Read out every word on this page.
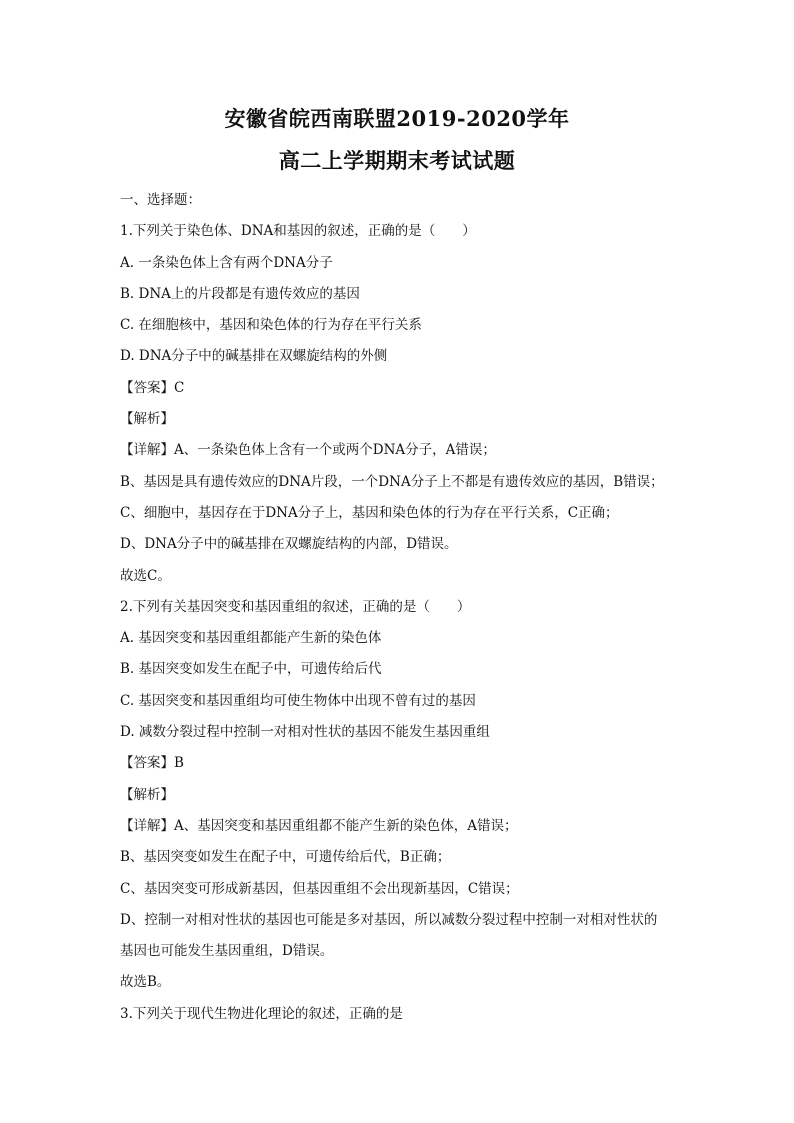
安徽省皖西南联盟2019-2020学年
高二上学期期末考试试题
一、选择题：
1.下列关于染色体、DNA和基因的叙述，正确的是（　　）
A. 一条染色体上含有两个DNA分子
B. DNA上的片段都是有遗传效应的基因
C. 在细胞核中，基因和染色体的行为存在平行关系
D. DNA分子中的碱基排在双螺旋结构的外侧
【答案】C
【解析】
【详解】A、一条染色体上含有一个或两个DNA分子，A错误；
B、基因是具有遗传效应的DNA片段，一个DNA分子上不都是有遗传效应的基因，B错误；
C、细胞中，基因存在于DNA分子上，基因和染色体的行为存在平行关系，C正确；
D、DNA分子中的碱基排在双螺旋结构的内部，D错误。
故选C。
2.下列有关基因突变和基因重组的叙述，正确的是（　　）
A. 基因突变和基因重组都能产生新的染色体
B. 基因突变如发生在配子中，可遗传给后代
C. 基因突变和基因重组均可使生物体中出现不曾有过的基因
D. 减数分裂过程中控制一对相对性状的基因不能发生基因重组
【答案】B
【解析】
【详解】A、基因突变和基因重组都不能产生新的染色体，A错误；
B、基因突变如发生在配子中，可遗传给后代，B正确；
C、基因突变可形成新基因，但基因重组不会出现新基因，C错误；
D、控制一对相对性状的基因也可能是多对基因，所以减数分裂过程中控制一对相对性状的
基因也可能发生基因重组，D错误。
故选B。
3.下列关于现代生物进化理论的叙述，正确的是
